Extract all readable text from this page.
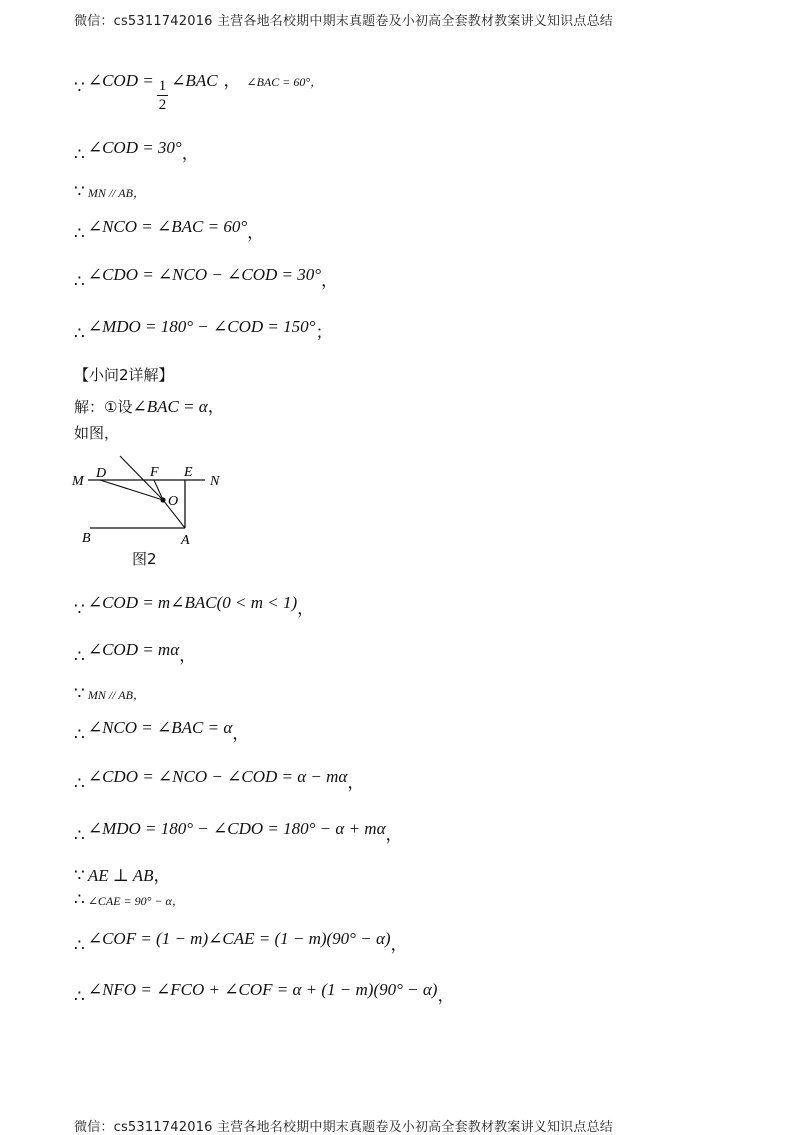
微信：cs5311742016 主营各地名校期中期末真题卷及小初高全套教材教案讲义知识点总结
∵ ∠COD = $\frac{1}{2}$ ∠BAC ， ∠BAC = 60°，
∴ ∠COD = 30° ，
∵ MN // AB ，
∴ ∠NCO = ∠BAC = 60° ，
∴ ∠CDO = ∠NCO − ∠COD = 30° ，
∴ ∠MDO = 180° − ∠COD = 150° ；
【小问2详解】
解：①设 ∠BAC = α ，
如图，
M
D	F E
N
O
B	A
图2
∵ ∠COD = m∠BAC(0 < m < 1) ，
∴ ∠COD = mα ，
∵ MN // AB ，
∴ ∠NCO = ∠BAC = α ，
∴ ∠CDO = ∠NCO − ∠COD = α − mα ，
∴ ∠MDO = 180° − ∠CDO = 180° − α + mα ，
∵ AE ⊥ AB ，
∴ ∠CAE = 90° − α ，
∴ ∠COF = (1 − m)∠CAE = (1 − m)(90° − α) ，
∴ ∠NFO = ∠FCO + ∠COF = α + (1 − m)(90° − α) ，
微信：cs5311742016 主营各地名校期中期末真题卷及小初高全套教材教案讲义知识点总结
